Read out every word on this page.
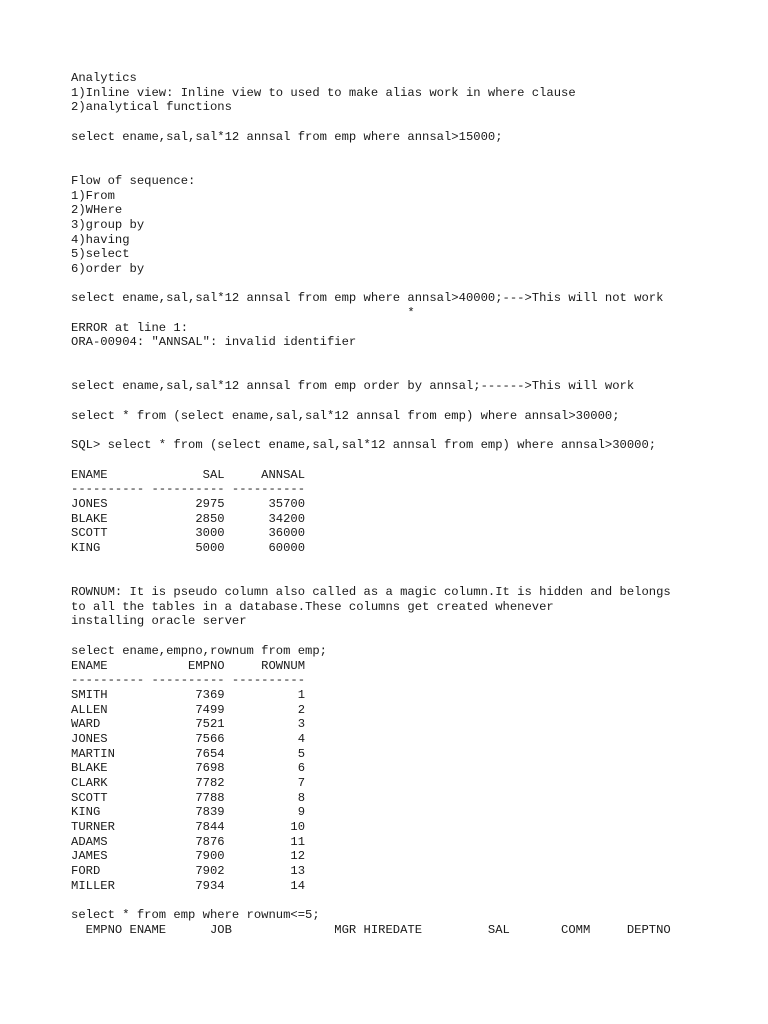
Analytics
1)Inline view: Inline view to used to make alias work in where clause
2)analytical functions
select ename,sal,sal*12 annsal from emp where annsal>15000;
Flow of sequence:
1)From
2)WHere
3)group by
4)having
5)select
6)order by
select ename,sal,sal*12 annsal from emp where annsal>40000;--->This will not work
*
ERROR at line 1:
ORA-00904: "ANNSAL": invalid identifier
select ename,sal,sal*12 annsal from emp order by annsal;------>This will work
select * from (select ename,sal,sal*12 annsal from emp) where annsal>30000;
SQL> select * from (select ename,sal,sal*12 annsal from emp) where annsal>30000;
ENAME             SAL     ANNSAL
---------- ---------- ----------
JONES            2975      35700
BLAKE            2850      34200
SCOTT            3000      36000
KING             5000      60000
ROWNUM: It is pseudo column also called as a magic column.It is hidden and belongs
to all the tables in a database.These columns get created whenever
installing oracle server
select ename,empno,rownum from emp;
ENAME           EMPNO     ROWNUM
---------- ---------- ----------
SMITH            7369          1
ALLEN            7499          2
WARD             7521          3
JONES            7566          4
MARTIN           7654          5
BLAKE            7698          6
CLARK            7782          7
SCOTT            7788          8
KING             7839          9
TURNER           7844         10
ADAMS            7876         11
JAMES            7900         12
FORD             7902         13
MILLER           7934         14
select * from emp where rownum<=5;
EMPNO ENAME      JOB              MGR HIREDATE         SAL       COMM     DEPTNO
